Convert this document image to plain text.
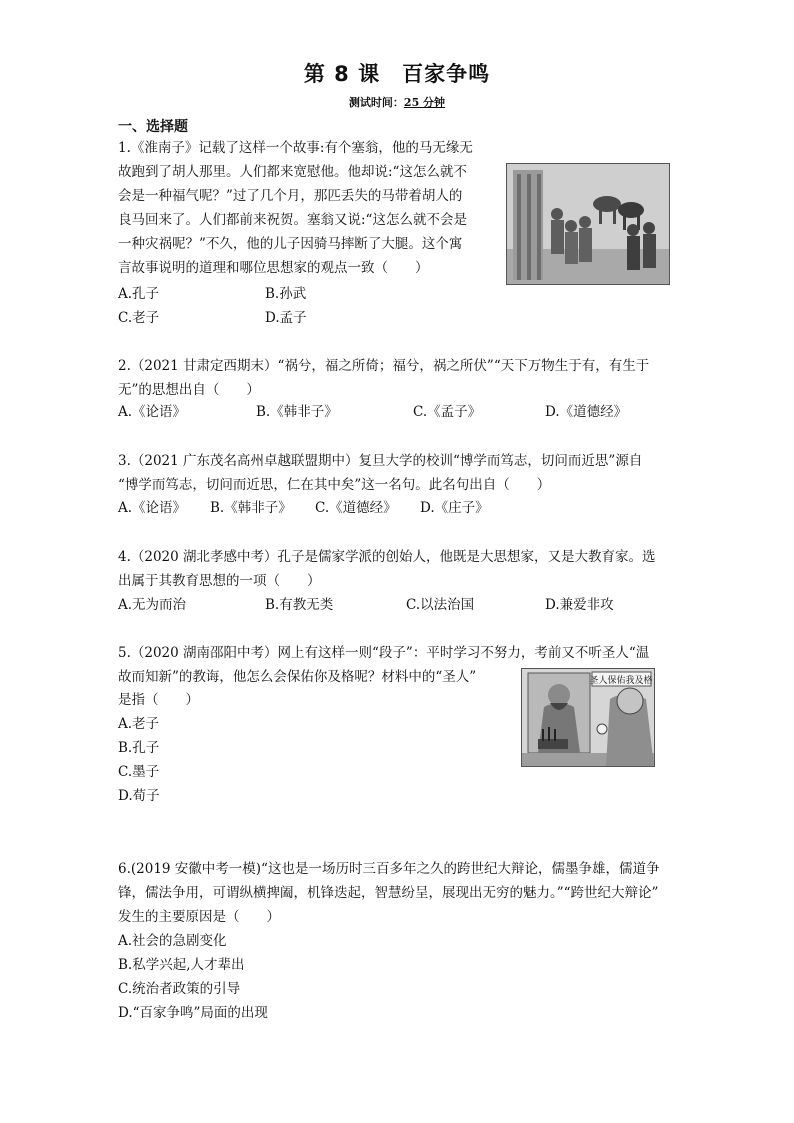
第 8 课　百家争鸣
测试时间：25 分钟
一、选择题
1.《淮南子》记载了这样一个故事:有个塞翁，他的马无缘无
故跑到了胡人那里。人们都来宽慰他。他却说:“这怎么就不
会是一种福气呢？”过了几个月，那匹丢失的马带着胡人的
良马回来了。人们都前来祝贺。塞翁又说:“这怎么就不会是
一种灾祸呢？”不久，他的儿子因骑马摔断了大腿。这个寓
言故事说明的道理和哪位思想家的观点一致（　　）
A.孔子	B.孙武
C.老子	D.孟子
2.（2021 甘肃定西期末）“祸兮，福之所倚；福兮，祸之所伏”“天下万物生于有，有生于
无”的思想出自（　　）
A.《论语》	B.《韩非子》	C.《孟子》	D.《道德经》
3.（2021 广东茂名高州卓越联盟期中）复旦大学的校训“博学而笃志，切问而近思”源自
“博学而笃志，切问而近思，仁在其中矣”这一名句。此名句出自（　　）
A.《论语》 B.《韩非子》 C.《道德经》 D.《庄子》
4.（2020 湖北孝感中考）孔子是儒家学派的创始人，他既是大思想家，又是大教育家。选
出属于其教育思想的一项（　　）
A.无为而治	B.有教无类	C.以法治国	D.兼爱非攻
5.（2020 湖南邵阳中考）网上有这样一则“段子”：平时学习不努力，考前又不听圣人“温
故而知新”的教诲，他怎么会保佑你及格呢？材料中的“圣人”
是指（　　）
A.老子
B.孔子
C.墨子
D.荀子
圣人保佑我及格
6.(2019 安徽中考一模)“这也是一场历时三百多年之久的跨世纪大辩论，儒墨争雄，儒道争
锋，儒法争用，可谓纵横捭阖，机锋迭起，智慧纷呈，展现出无穷的魅力。”“跨世纪大辩论”
发生的主要原因是（　　）
A.社会的急剧变化
B.私学兴起,人才辈出
C.统治者政策的引导
D.“百家争鸣”局面的出现
